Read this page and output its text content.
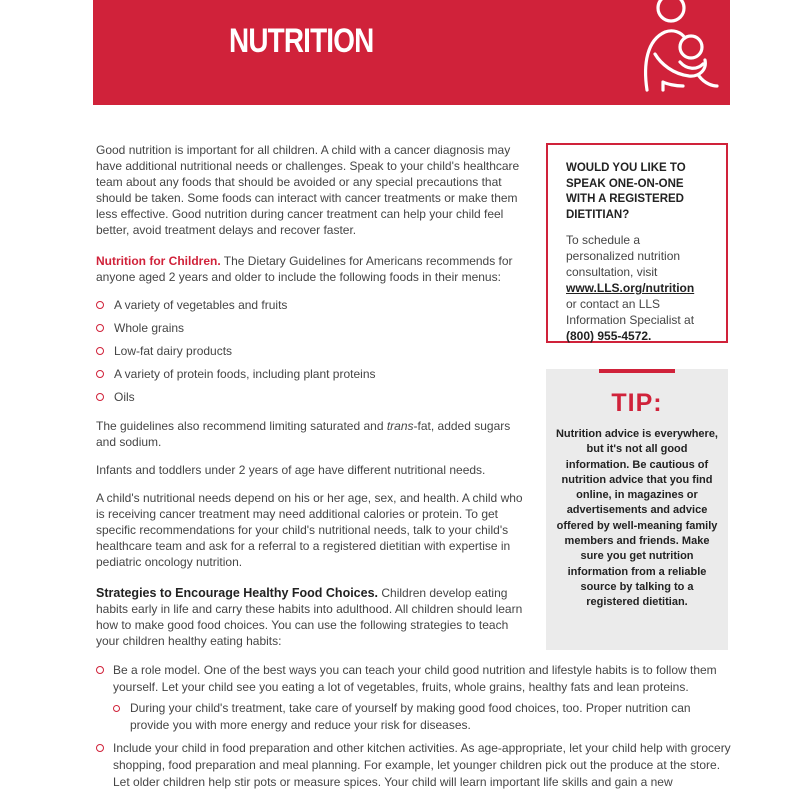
NUTRITION
Good nutrition is important for all children. A child with a cancer diagnosis may have additional nutritional needs or challenges. Speak to your child's healthcare team about any foods that should be avoided or any special precautions that should be taken. Some foods can interact with cancer treatments or make them less effective. Good nutrition during cancer treatment can help your child feel better, avoid treatment delays and recover faster.
Nutrition for Children. The Dietary Guidelines for Americans recommends for anyone aged 2 years and older to include the following foods in their menus:
A variety of vegetables and fruits
Whole grains
Low-fat dairy products
A variety of protein foods, including plant proteins
Oils
The guidelines also recommend limiting saturated and trans-fat, added sugars and sodium.
Infants and toddlers under 2 years of age have different nutritional needs.
A child's nutritional needs depend on his or her age, sex, and health. A child who is receiving cancer treatment may need additional calories or protein. To get specific recommendations for your child's nutritional needs, talk to your child's healthcare team and ask for a referral to a registered dietitian with expertise in pediatric oncology nutrition.
Strategies to Encourage Healthy Food Choices. Children develop eating habits early in life and carry these habits into adulthood. All children should learn how to make good food choices. You can use the following strategies to teach your children healthy eating habits:
WOULD YOU LIKE TO SPEAK ONE-ON-ONE WITH A REGISTERED DIETITIAN?
To schedule a personalized nutrition consultation, visit www.LLS.org/nutrition or contact an LLS Information Specialist at (800) 955-4572.
TIP:
Nutrition advice is everywhere, but it's not all good information. Be cautious of nutrition advice that you find online, in magazines or advertisements and advice offered by well-meaning family members and friends. Make sure you get nutrition information from a reliable source by talking to a registered dietitian.
Be a role model. One of the best ways you can teach your child good nutrition and lifestyle habits is to follow them yourself. Let your child see you eating a lot of vegetables, fruits, whole grains, healthy fats and lean proteins.
During your child's treatment, take care of yourself by making good food choices, too. Proper nutrition can provide you with more energy and reduce your risk for diseases.
Include your child in food preparation and other kitchen activities. As age-appropriate, let your child help with grocery shopping, food preparation and meal planning. For example, let younger children pick out the produce at the store. Let older children help stir pots or measure spices. Your child will learn important life skills and gain a new
